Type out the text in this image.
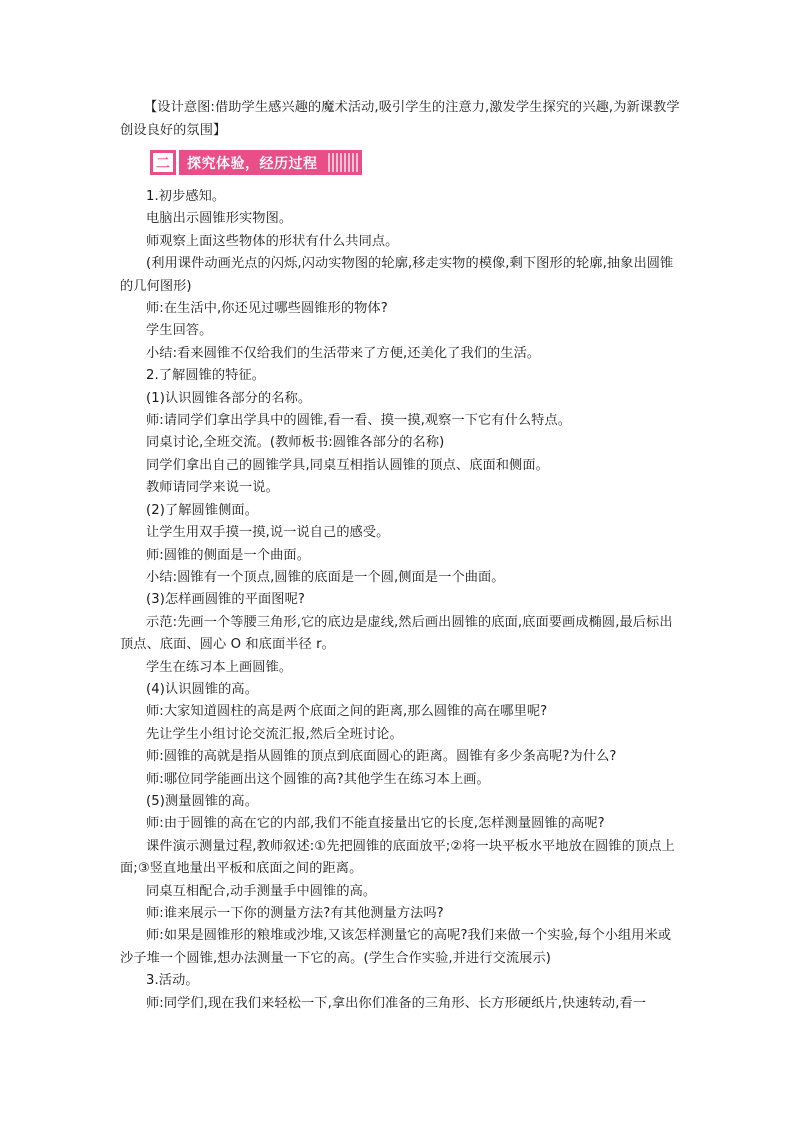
【设计意图:借助学生感兴趣的魔术活动,吸引学生的注意力,激发学生探究的兴趣,为新课教学创设良好的氛围】
二 探究体验，经历过程

1.初步感知。

电脑出示圆锥形实物图。

师观察上面这些物体的形状有什么共同点。

(利用课件动画光点的闪烁,闪动实物图的轮廓,移走实物的模像,剩下图形的轮廓,抽象出圆锥的几何图形)

师:在生活中,你还见过哪些圆锥形的物体?

学生回答。

小结:看来圆锥不仅给我们的生活带来了方便,还美化了我们的生活。

2.了解圆锥的特征。

(1)认识圆锥各部分的名称。

师:请同学们拿出学具中的圆锥,看一看、摸一摸,观察一下它有什么特点。

同桌讨论,全班交流。(教师板书:圆锥各部分的名称)

同学们拿出自己的圆锥学具,同桌互相指认圆锥的顶点、底面和侧面。

教师请同学来说一说。

(2)了解圆锥侧面。

让学生用双手摸一摸,说一说自己的感受。

师:圆锥的侧面是一个曲面。

小结:圆锥有一个顶点,圆锥的底面是一个圆,侧面是一个曲面。

(3)怎样画圆锥的平面图呢?

示范:先画一个等腰三角形,它的底边是虚线,然后画出圆锥的底面,底面要画成椭圆,最后标出顶点、底面、圆心 O 和底面半径 r。

学生在练习本上画圆锥。

(4)认识圆锥的高。

师:大家知道圆柱的高是两个底面之间的距离,那么圆锥的高在哪里呢?

先让学生小组讨论交流汇报,然后全班讨论。

师:圆锥的高就是指从圆锥的顶点到底面圆心的距离。圆锥有多少条高呢?为什么?

师:哪位同学能画出这个圆锥的高?其他学生在练习本上画。

(5)测量圆锥的高。

师:由于圆锥的高在它的内部,我们不能直接量出它的长度,怎样测量圆锥的高呢?

课件演示测量过程,教师叙述:①先把圆锥的底面放平;②将一块平板水平地放在圆锥的顶点上面;③竖直地量出平板和底面之间的距离。

同桌互相配合,动手测量手中圆锥的高。

师:谁来展示一下你的测量方法?有其他测量方法吗?

师:如果是圆锥形的粮堆或沙堆,又该怎样测量它的高呢?我们来做一个实验,每个小组用米或沙子堆一个圆锥,想办法测量一下它的高。(学生合作实验,并进行交流展示)

3.活动。

师:同学们,现在我们来轻松一下,拿出你们准备的三角形、长方形硬纸片,快速转动,看一
